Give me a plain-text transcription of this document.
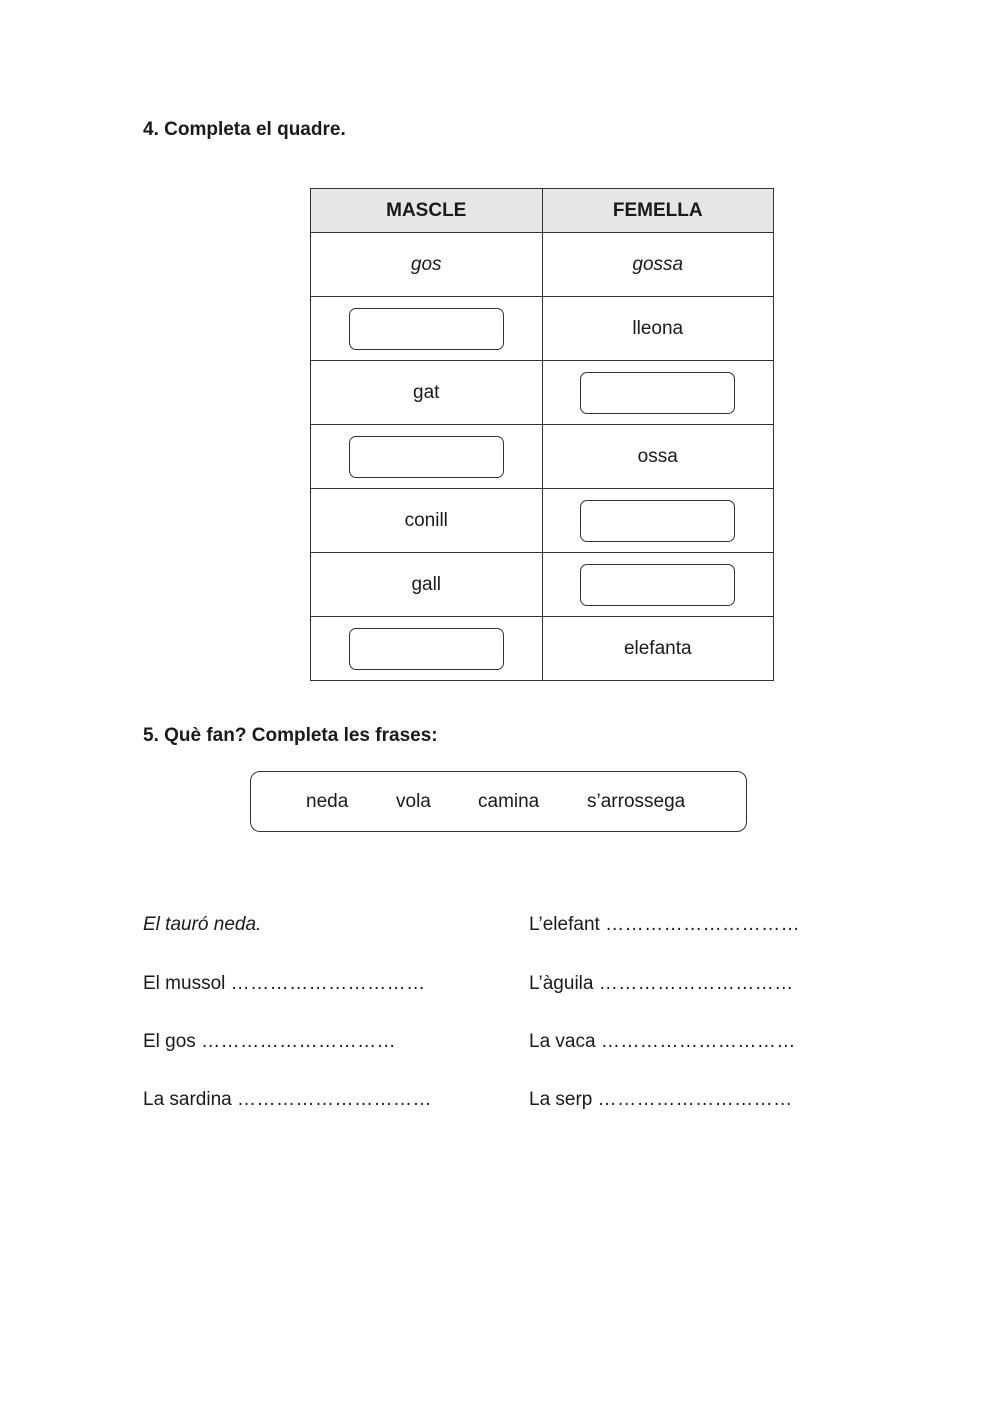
4. Completa el quadre.
MASCLE	FEMELLA
gos	gossa
	lleona
gat	
	ossa
conill	
gall	
	elefanta
5. Què fan? Completa les frases:
neda	vola camina	s’arrossega
El tauró neda.
El mussol …………………………
El gos …………………………
La sardina …………………………
L’elefant …………………………
L’àguila …………………………
La vaca …………………………
La serp …………………………
